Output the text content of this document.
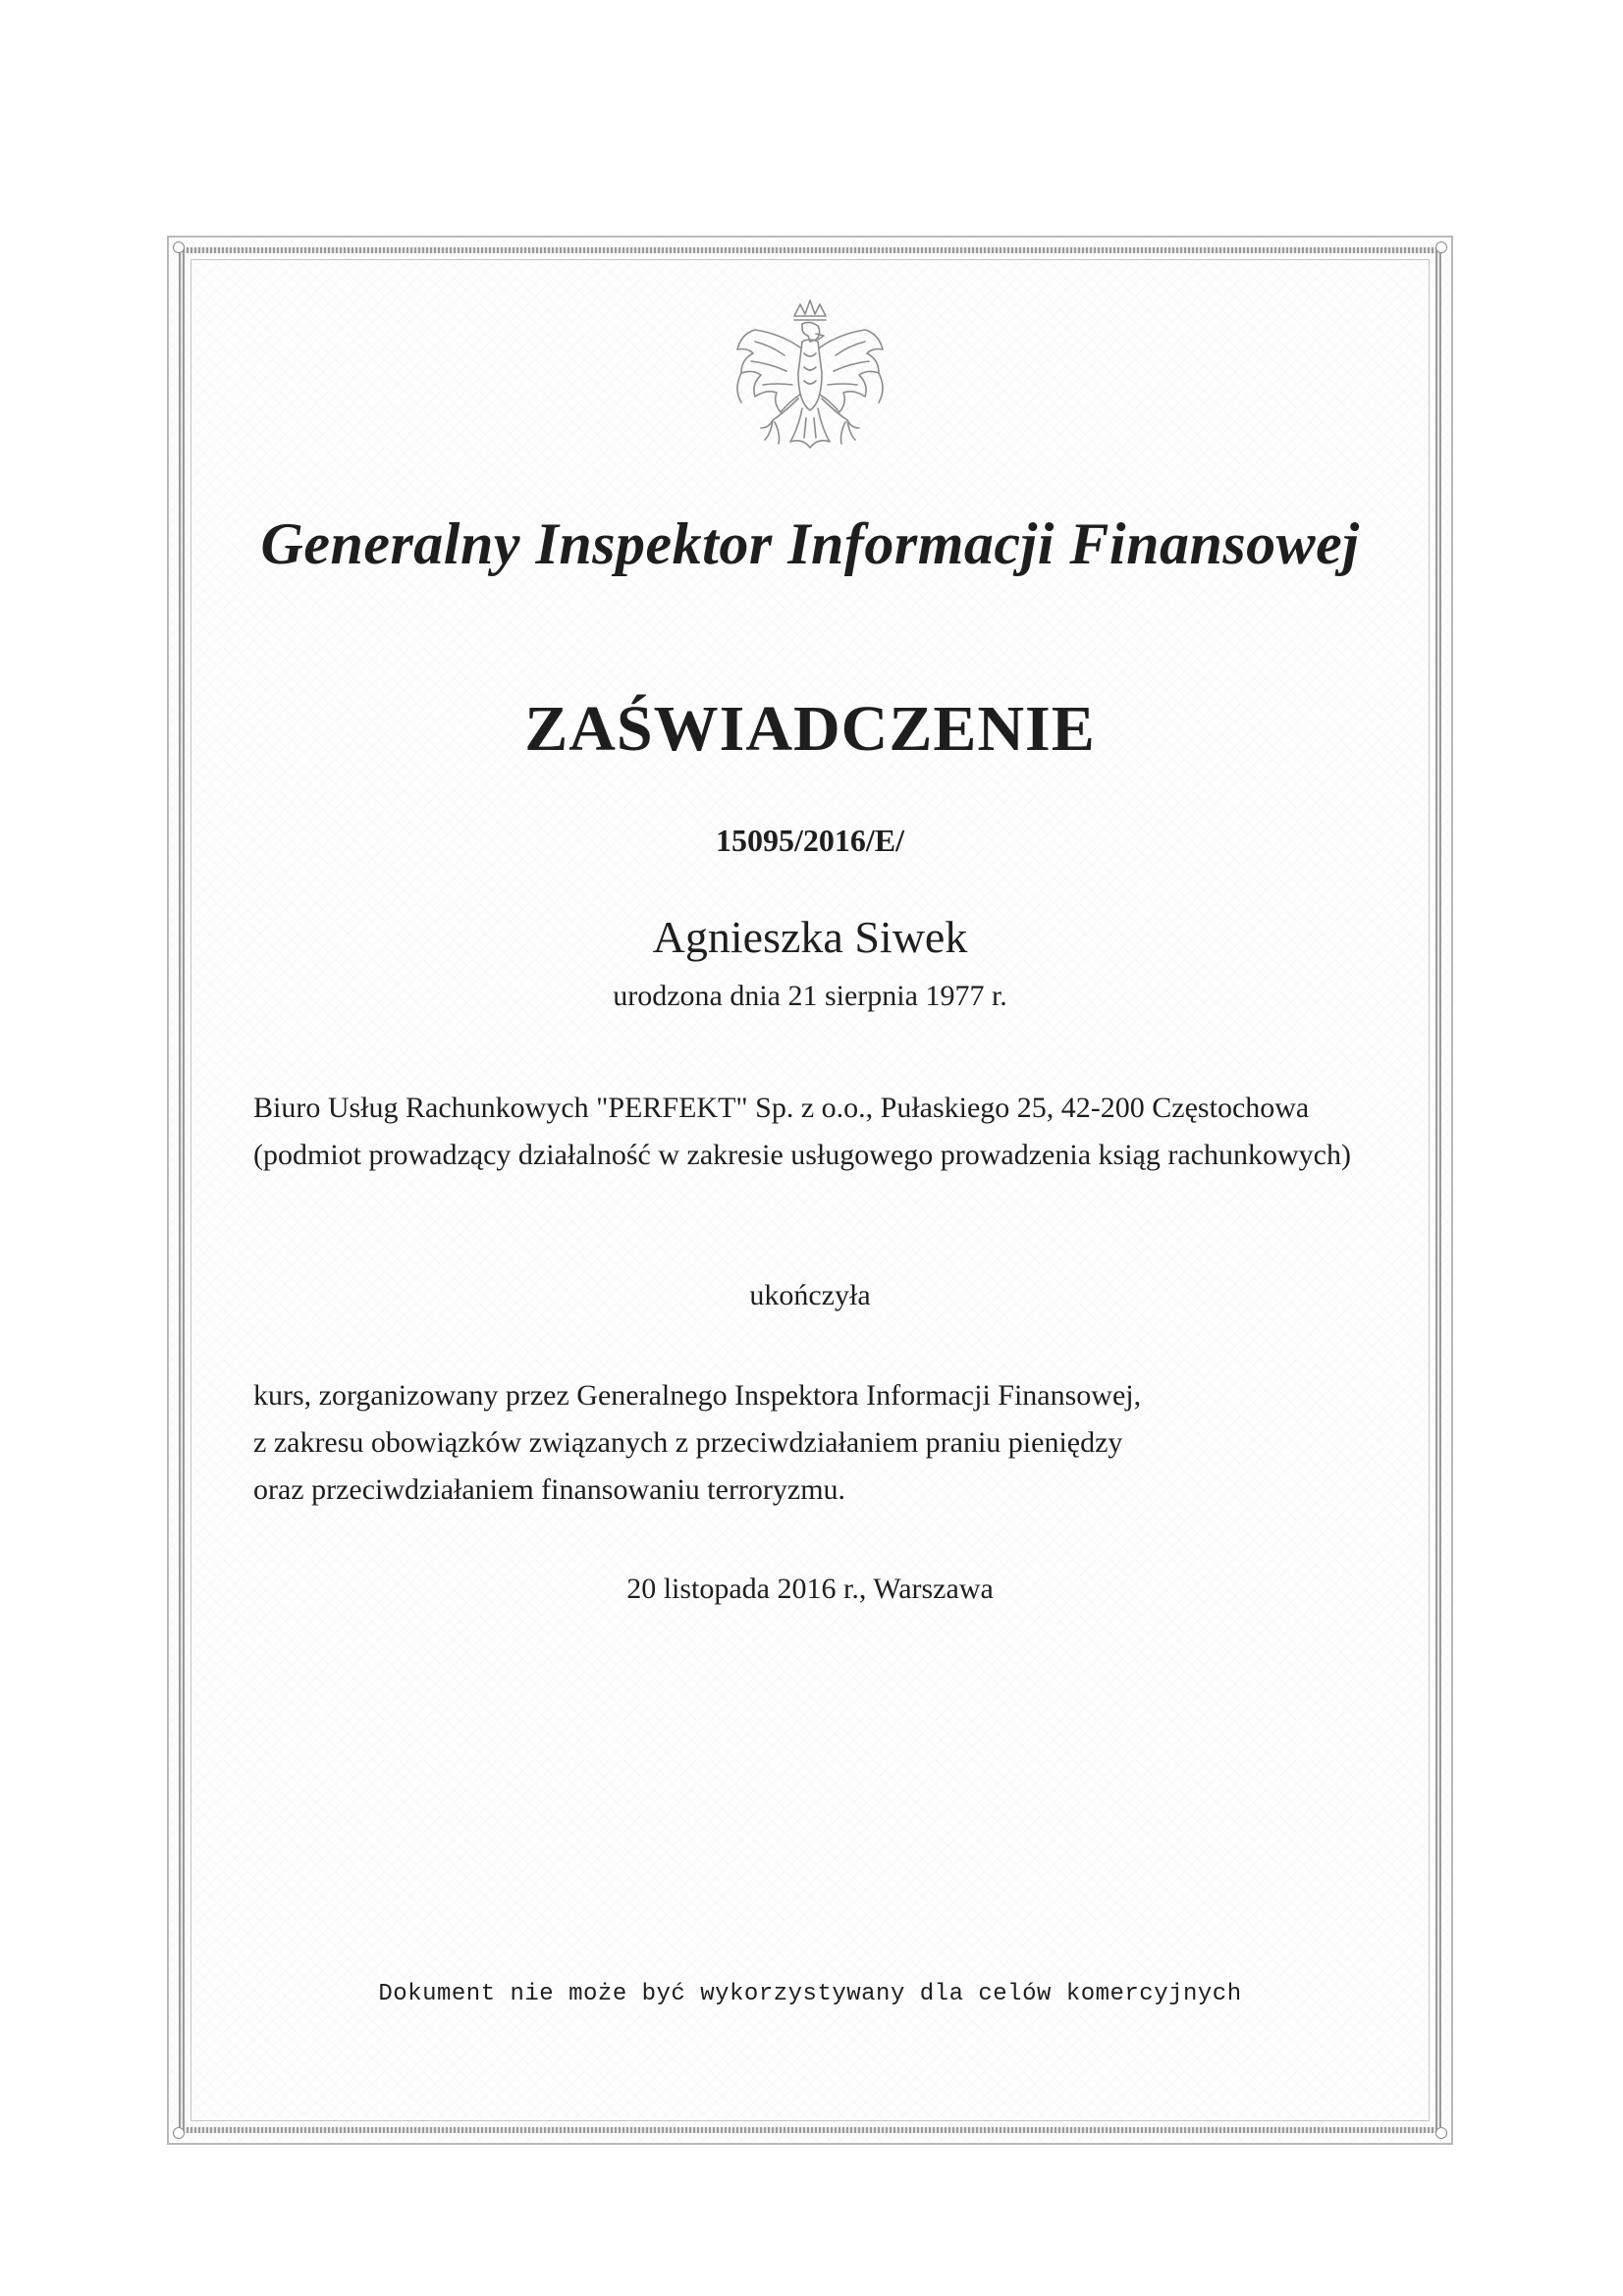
Generalny Inspektor Informacji Finansowej
ZAŚWIADCZENIE
15095/2016/E/
Agnieszka Siwek
urodzona dnia 21 sierpnia 1977 r.
Biuro Usług Rachunkowych "PERFEKT" Sp. z o.o., Pułaskiego 25, 42-200 Częstochowa (podmiot prowadzący działalność w zakresie usługowego prowadzenia ksiąg rachunkowych)
ukończyła
kurs, zorganizowany przez Generalnego Inspektora Informacji Finansowej,
z zakresu obowiązków związanych z przeciwdziałaniem praniu pieniędzy
oraz przeciwdziałaniem finansowaniu terroryzmu.
20 listopada 2016 r., Warszawa
Dokument nie może być wykorzystywany dla celów komercyjnych
